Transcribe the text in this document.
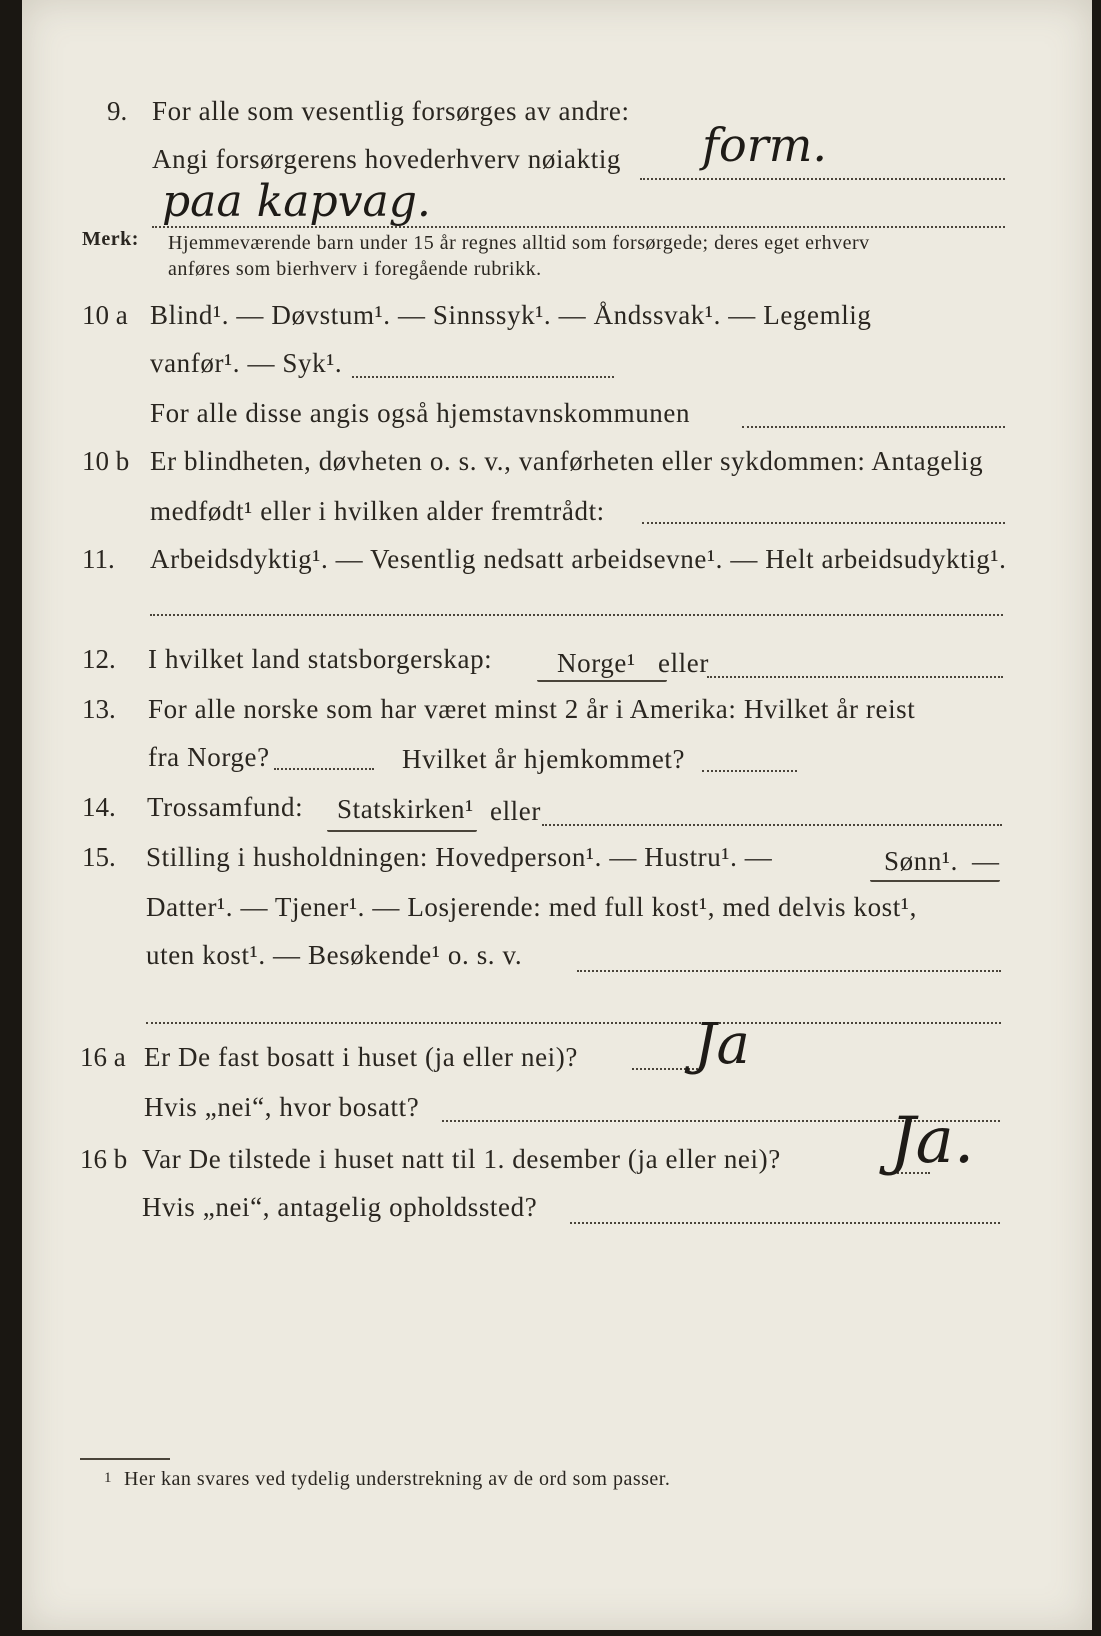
9. For alle som vesentlig forsørges av andre:
Angi forsørgerens hovederhverv nøiaktig form.
paa kapvag.
Merk: Hjemmeværende barn under 15 år regnes alltid som forsørgede; deres eget erhverv
anføres som bierhverv i foregående rubrikk.
10 a Blind¹. — Døvstum¹. — Sinnssyk¹. — Åndssvak¹. — Legemlig
vanfør¹. — Syk¹.
For alle disse angis også hjemstavnskommunen
10 b Er blindheten, døvheten o. s. v., vanførheten eller sykdommen: Antagelig
medfødt¹ eller i hvilken alder fremtrådt:
11. Arbeidsdyktig¹. — Vesentlig nedsatt arbeidsevne¹. — Helt arbeidsudyktig¹.
12. I hvilket land statsborgerskap: Norge¹ eller
13. For alle norske som har været minst 2 år i Amerika: Hvilket år reist
fra Norge?	Hvilket år hjemkommet?
14. Trossamfund: Statskirken¹ eller
15. Stilling i husholdningen: Hovedperson¹. — Hustru¹. —	Sønn¹. —
Datter¹. — Tjener¹. — Losjerende: med full kost¹, med delvis kost¹,
uten kost¹. — Besøkende¹ o. s. v.
16 a Er De fast bosatt i huset (ja eller nei)? Ja
Hvis „nei“, hvor bosatt?
16 b Var De tilstede i huset natt til 1. desember (ja eller nei)? Ja.
Hvis „nei“, antagelig opholdssted?
1 Her kan svares ved tydelig understrekning av de ord som passer.
